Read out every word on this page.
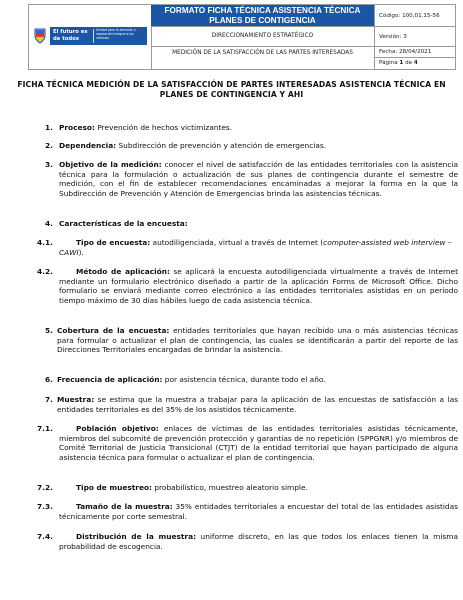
El futuro es de todos
Unidad para la atención y reparación integral a las víctimas
FORMATO FICHA TÉCNICA ASISTENCIA TÉCNICA PLANES DE CONTIGENCIA
DIRECCIONAMIENTO ESTRATÉGICO
MEDICIÓN DE LA SATISFACCIÓN DE LAS PARTES INTERESADAS
Código: 100,01,15-56
Versión: 3
Fecha: 28/04/2021
Página 1 de 4
FICHA TÉCNICA MEDICIÓN DE LA SATISFACCIÓN DE PARTES INTERESADAS ASISTENCIA TÉCNICA EN PLANES DE CONTINGENCIA Y AHI
1. Proceso: Prevención de hechos victimizantes.
2. Dependencia: Subdirección de prevención y atención de emergencias.
3. Objetivo de la medición: conocer el nivel de satisfacción de las entidades territoriales con la asistencia técnica para la formulación o actualización de sus planes de contingencia durante el semestre de medición, con el fin de establecer recomendaciones encaminadas a mejorar la forma en la que la Subdirección de Prevención y Atención de Emergencias brinda las asistencias técnicas.
4. Características de la encuesta:
4.1.	Tipo de encuesta: autodiligenciada, virtual a través de Internet (computer-assisted web interview – CAWI).
4.2.	Método de aplicación: se aplicará la encuesta autodiligenciada virtualmente a través de Internet mediante un formulario electrónico diseñado a partir de la aplicación Forms de Microsoft Office. Dicho formulario se enviará mediante correo electrónico a las entidades territoriales asistidas en un período tiempo máximo de 30 días hábiles luego de cada asistencia técnica.
5. Cobertura de la encuesta: entidades territoriales que hayan recibido una o más asistencias técnicas para formular o actualizar el plan de contingencia, las cuales se identificarán a partir del reporte de las Direcciones Territoriales encargadas de brindar la asistencia.
6. Frecuencia de aplicación: por asistencia técnica, durante todo el año.
7. Muestra: se estima que la muestra a trabajar para la aplicación de las encuestas de satisfacción a las entidades territoriales es del 35% de los asistidos técnicamente.
7.1.	Población objetivo: enlaces de víctimas de las entidades territoriales asistidas técnicamente, miembros del subcomité de prevención protección y garantías de no repetición (SPPGNR) y/o miembros de Comité Territorial de Justicia Transicional (CTJT) de la entidad territorial que hayan participado de alguna asistencia técnica para formular o actualizar el plan de contingencia.
7.2.	Tipo de muestreo: probabilístico, muestreo aleatorio simple.
7.3.	Tamaño de la muestra: 35% entidades territoriales a encuestar del total de las entidades asistidas técnicamente por corte semestral.
7.4.	Distribución de la muestra: uniforme discreto, en las que todos los enlaces tienen la misma probabilidad de escogencia.
